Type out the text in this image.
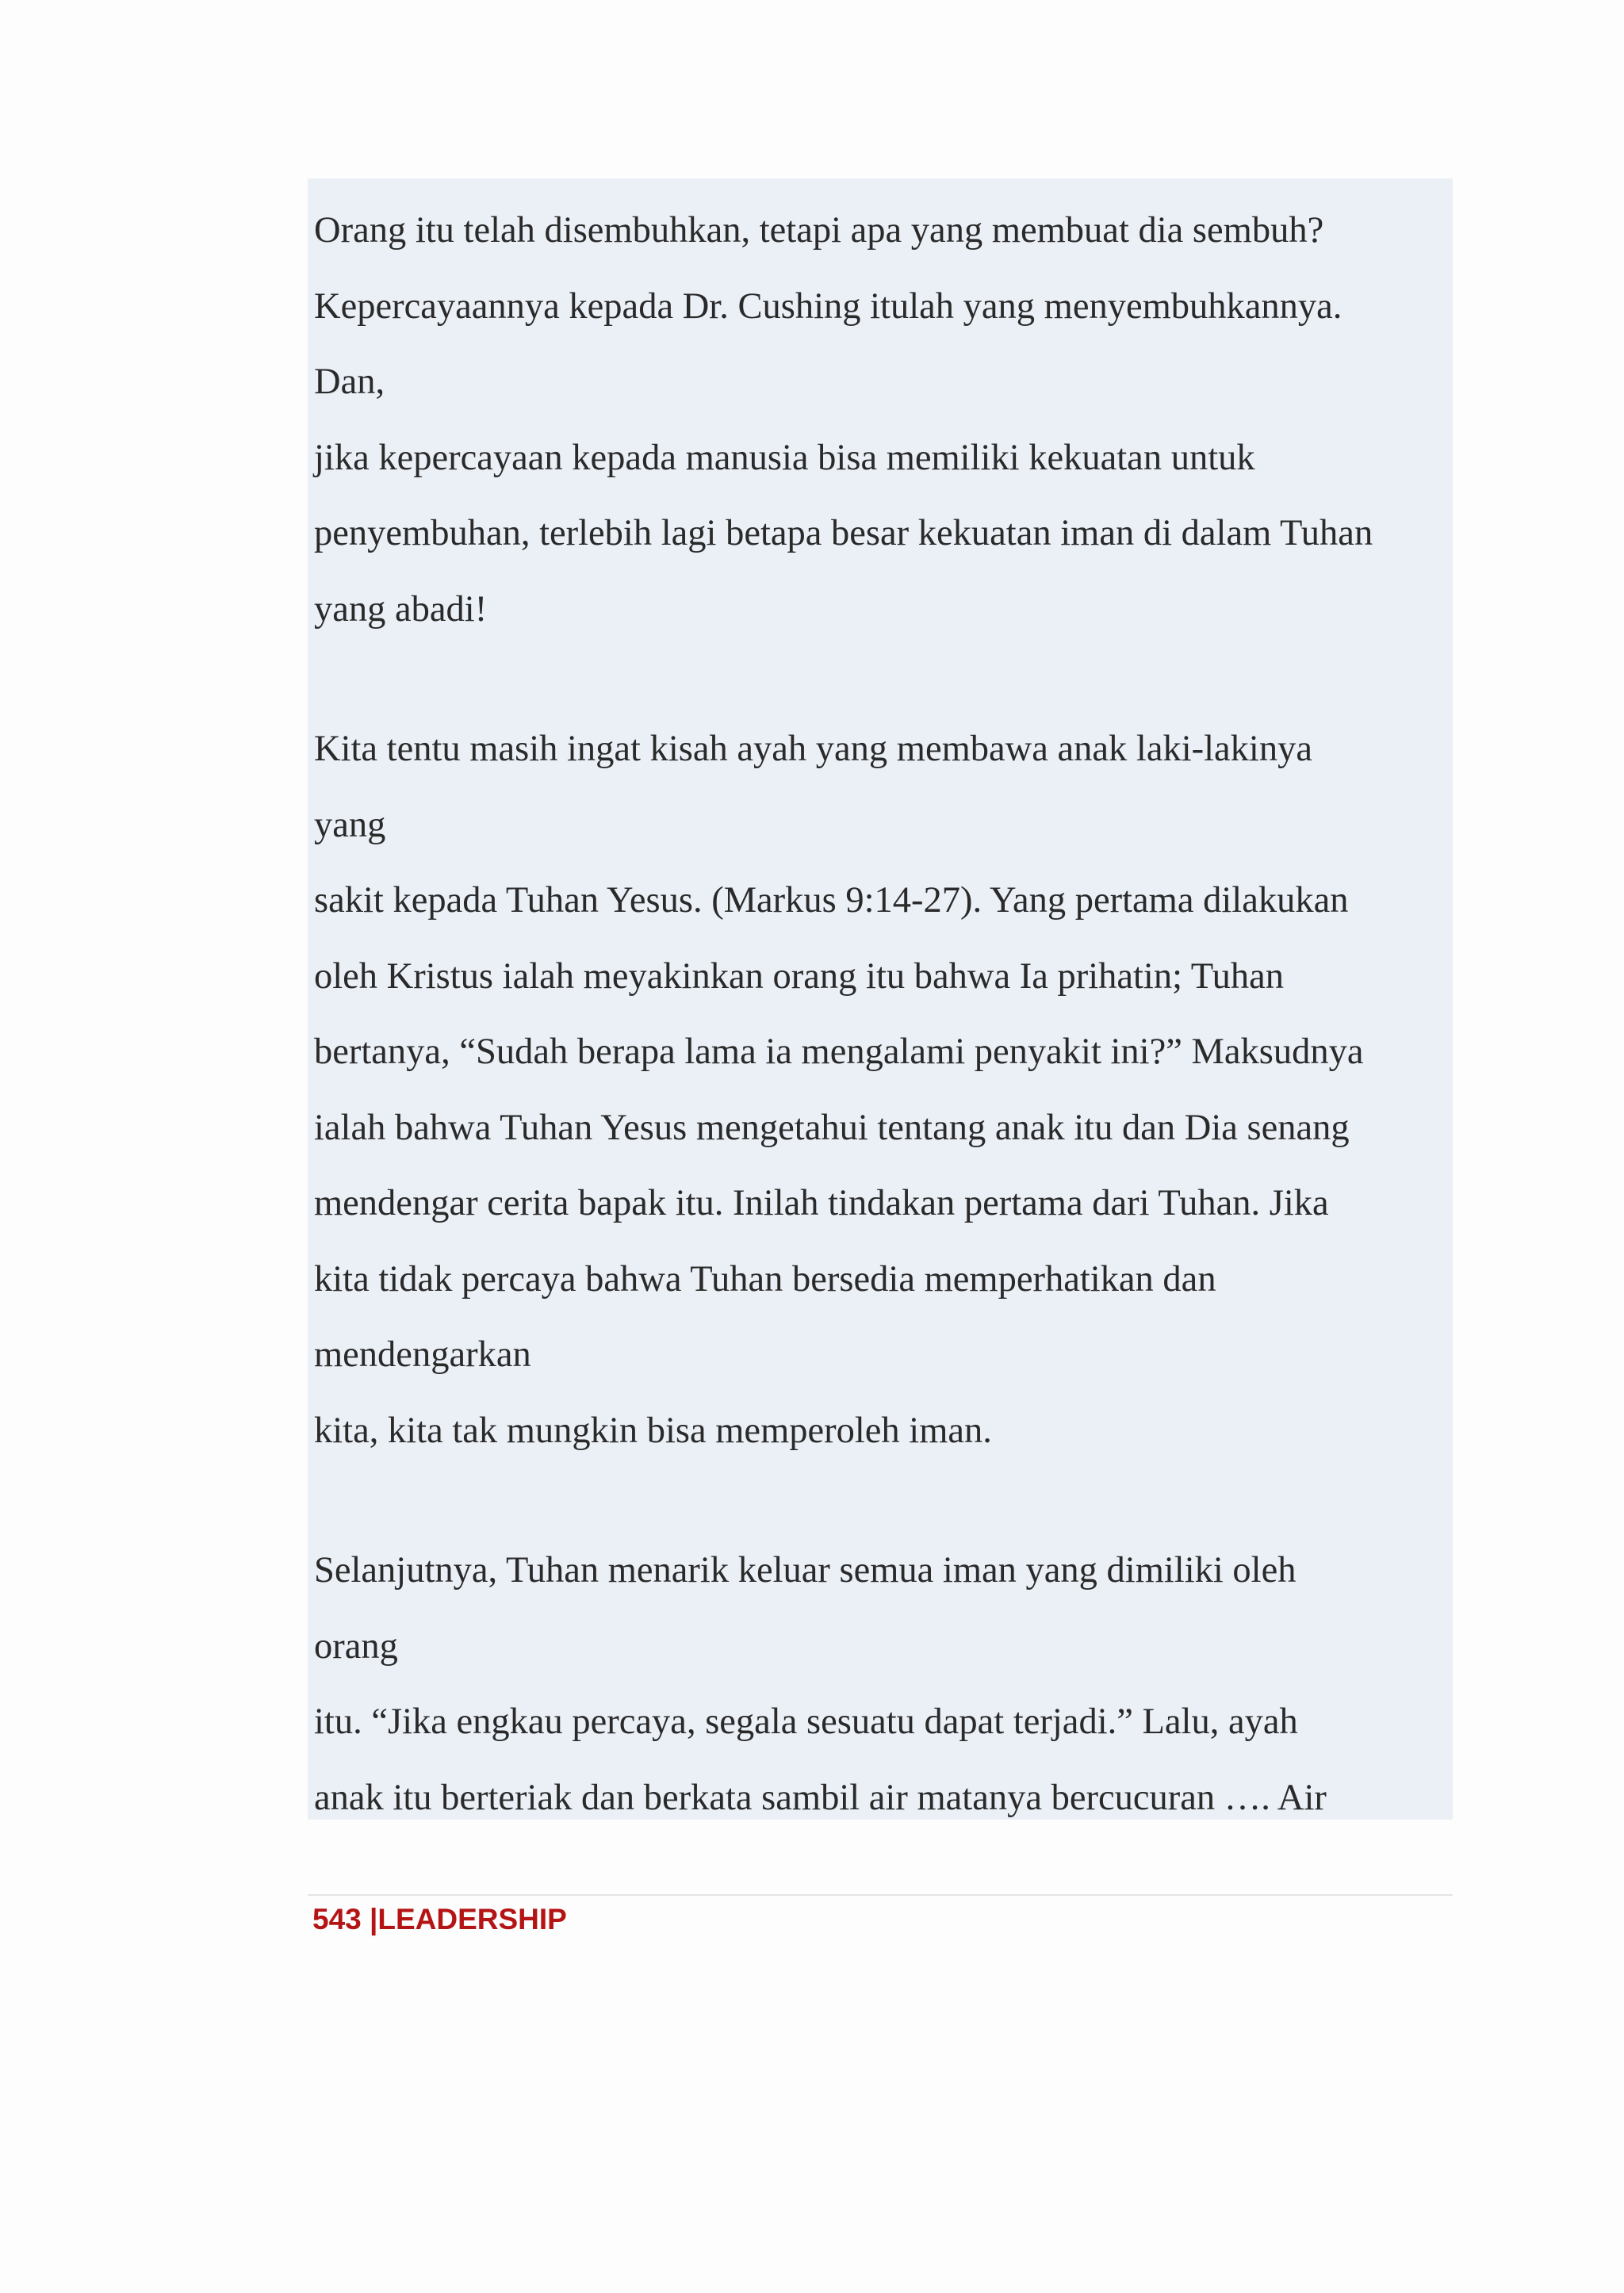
Orang itu telah disembuhkan, tetapi apa yang membuat dia sembuh?
Kepercayaannya kepada Dr. Cushing itulah yang menyembuhkannya.
Dan,
jika kepercayaan kepada manusia bisa memiliki kekuatan untuk
penyembuhan, terlebih lagi betapa besar kekuatan iman di dalam Tuhan
yang abadi!
Kita tentu masih ingat kisah ayah yang membawa anak laki-lakinya
yang
sakit kepada Tuhan Yesus. (Markus 9:14-27). Yang pertama dilakukan
oleh Kristus ialah meyakinkan orang itu bahwa Ia prihatin; Tuhan
bertanya, “Sudah berapa lama ia mengalami penyakit ini?” Maksudnya
ialah bahwa Tuhan Yesus mengetahui tentang anak itu dan Dia senang
mendengar cerita bapak itu. Inilah tindakan pertama dari Tuhan. Jika
kita tidak percaya bahwa Tuhan bersedia memperhatikan dan
mendengarkan
kita, kita tak mungkin bisa memperoleh iman.
Selanjutnya, Tuhan menarik keluar semua iman yang dimiliki oleh
orang
itu. “Jika engkau percaya, segala sesuatu dapat terjadi.” Lalu, ayah
anak itu berteriak dan berkata sambil air matanya bercucuran …. Air
543 |LEADERSHIP
